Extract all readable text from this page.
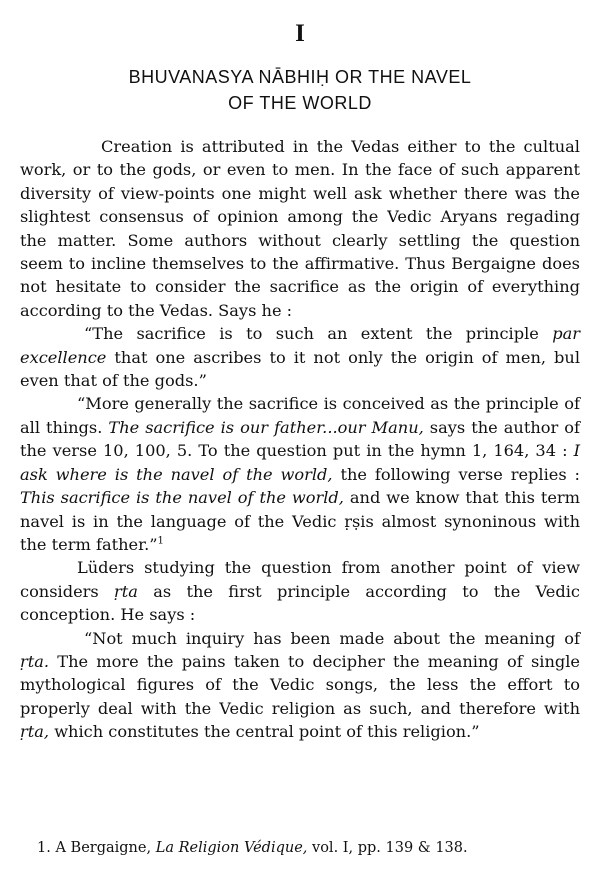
I
BHUVANASYA NĀBHIḤ OR THE NAVEL
OF THE WORLD

Creation is attributed in the Vedas either to the cultual work, or to the gods, or even to men. In the face of such apparent diversity of view-points one might well ask whether there was the slightest consensus of opinion among the Vedic Aryans regading the matter. Some authors without clearly settling the question seem to incline themselves to the affirmative. Thus Bergaigne does not hesitate to consider the sacrifice as the origin of everything according to the Vedas. Says he :

“The sacrifice is to such an extent the principle par excellence that one ascribes to it not only the origin of men, bul even that of the gods.”

“More generally the sacrifice is conceived as the principle of all things. The sacrifice is our father...our Manu, says the author of the verse 10, 100, 5. To the question put in the hymn 1, 164, 34 : I ask where is the navel of the world, the following verse replies : This sacrifice is the navel of the world, and we know that this term navel is in the language of the Vedic ṛṣis almost synoninous with the term father.”$^1$

Lüders studying the question from another point of view considers ṛta as the first principle according to the Vedic conception. He says :

“Not much inquiry has been made about the meaning of ṛta. The more the pains taken to decipher the meaning of single mythological figures of the Vedic songs, the less the effort to properly deal with the Vedic religion as such, and therefore with ṛta, which constitutes the central point of this religion.”

1. A Bergaigne, La Religion Védique, vol. I, pp. 139 & 138.
